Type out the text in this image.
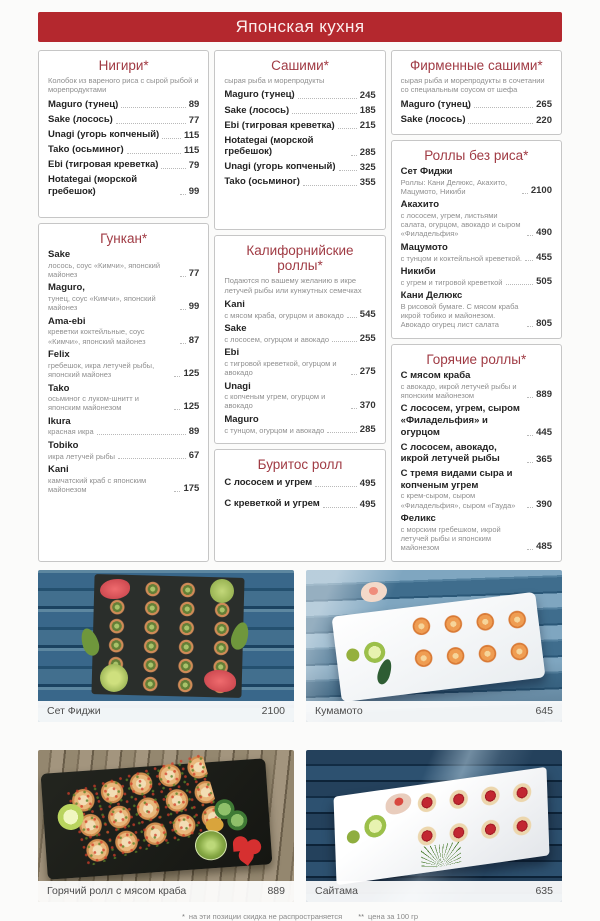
Японская кухня
Нигири*

Колобок из вареного риса с сырой рыбой и морепродуктами

Maguro (тунец)	89
Sake (лосось)	77
Unagi (угорь копченый)	115
Tako (осьминог)	115
Ebi (тигровая креветка)	79
Hotategai (морской гребешок)	99
Гункан*
Sake
лосось, соус «Кимчи», японский майонез	77
Maguro,
тунец, соус «Кимчи», японский майонез	99
Ama-ebi
креветки коктейльные, соус «Кимчи», японский майонез	87
Felix
гребешок, икра летучей рыбы, японский майонез	125
Tako
осьминог с луком-шнитт и японским майонезом	125
Ikura
красная икра	89
Tobiko
икра летучей рыбы	67
Kani
камчатский краб с японским майонезом	175
Сашими*

сырая рыба и морепродукты

Maguro (тунец)	245
Sake (лосось)	185
Ebi (тигровая креветка)	215
Hotategai (морской гребешок)	285
Unagi (угорь копченый)	325
Tako (осьминог)	355
Калифорнийские роллы*

Подаются по вашему желанию в икре летучей рыбы или кунжутных семечках

Kani
с мясом краба, огурцом и авокадо 545
Sake
с лососем, огурцом и авокадо	255
Ebi
с тигровой креветкой, огурцом и авокадо	275
Unagi
с копченым угрем, огурцом и авокадо	370
Maguro
с тунцом, огурцом и авокадо	285
Буритос ролл
С лососем и угрем	495
С креветкой и угрем	495
Фирменные сашими*

сырая рыба и морепродукты в сочетании со специальным соусом от шефа

Maguro (тунец)	265
Sake (лосось)	220
Роллы без риса*
Сет Фиджи
Роллы: Кани Делюкс, Акахито, Мацумото, Никиби	2100
Акахито
с лососем, угрем, листьями салата, огурцом, авокадо и сыром «Филадельфия»	490
Мацумото
с тунцом и коктейльной креветкой. 455
Никиби
с угрем и тигровой креветкой	505
Кани Делюкс
В рисовой бумаге. С мясом краба икрой тобико и майонезом. Авокадо огурец лист салата	805
Горячие роллы*
С мясом краба
с авокадо, икрой летучей рыбы и японским майонезом	889
С лососем, угрем, сыром «Филадельфия» и огурцом	445
С лососем, авокадо, икрой летучей рыбы	365
С тремя видами сыра и копченым угрем
с крем-сыром, сыром «Филадельфия», сыром «Гауда»	390
Феликс
с морским гребешком, икрой летучей рыбы и японским майонезом	485
Сет Фиджи	2100	Кумамото	645
Горячий ролл с мясом краба	889	Сайтама	635
* на эти позиции скидка не распространяется ** цена за 100 гр
